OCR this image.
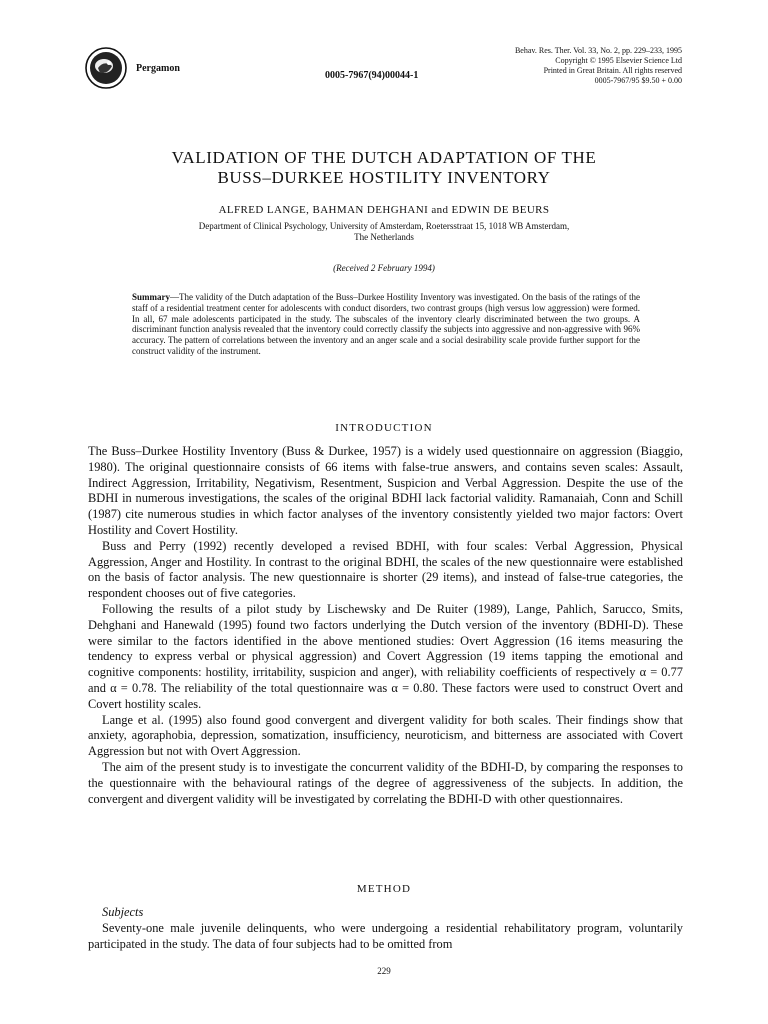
Pergamon
0005-7967(94)00044-1
Behav. Res. Ther. Vol. 33, No. 2, pp. 229–233, 1995
Copyright © 1995 Elsevier Science Ltd
Printed in Great Britain. All rights reserved
0005-7967/95 $9.50 + 0.00
VALIDATION OF THE DUTCH ADAPTATION OF THE
BUSS–DURKEE HOSTILITY INVENTORY
ALFRED LANGE, BAHMAN DEHGHANI and EDWIN DE BEURS
Department of Clinical Psychology, University of Amsterdam, Roetersstraat 15, 1018 WB Amsterdam,
The Netherlands
(Received 2 February 1994)
Summary—The validity of the Dutch adaptation of the Buss–Durkee Hostility Inventory was investigated. On the basis of the ratings of the staff of a residential treatment center for adolescents with conduct disorders, two contrast groups (high versus low aggression) were formed. In all, 67 male adolescents participated in the study. The subscales of the inventory clearly discriminated between the two groups. A discriminant function analysis revealed that the inventory could correctly classify the subjects into aggressive and non-aggressive with 96% accuracy. The pattern of correlations between the inventory and an anger scale and a social desirability scale provide further support for the construct validity of the instrument.
INTRODUCTION

The Buss–Durkee Hostility Inventory (Buss & Durkee, 1957) is a widely used questionnaire on aggression (Biaggio, 1980). The original questionnaire consists of 66 items with false-true answers, and contains seven scales: Assault, Indirect Aggression, Irritability, Negativism, Resentment, Suspicion and Verbal Aggression. Despite the use of the BDHI in numerous investigations, the scales of the original BDHI lack factorial validity. Ramanaiah, Conn and Schill (1987) cite numerous studies in which factor analyses of the inventory consistently yielded two major factors: Overt Hostility and Covert Hostility.

Buss and Perry (1992) recently developed a revised BDHI, with four scales: Verbal Aggression, Physical Aggression, Anger and Hostility. In contrast to the original BDHI, the scales of the new questionnaire were established on the basis of factor analysis. The new questionnaire is shorter (29 items), and instead of false-true categories, the respondent chooses out of five categories.

Following the results of a pilot study by Lischewsky and De Ruiter (1989), Lange, Pahlich, Sarucco, Smits, Dehghani and Hanewald (1995) found two factors underlying the Dutch version of the inventory (BDHI-D). These were similar to the factors identified in the above mentioned studies: Overt Aggression (16 items measuring the tendency to express verbal or physical aggression) and Covert Aggression (19 items tapping the emotional and cognitive components: hostility, irritability, suspicion and anger), with reliability coefficients of respectively α = 0.77 and α = 0.78. The reliability of the total questionnaire was α = 0.80. These factors were used to construct Overt and Covert hostility scales.

Lange et al. (1995) also found good convergent and divergent validity for both scales. Their findings show that anxiety, agoraphobia, depression, somatization, insufficiency, neuroticism, and bitterness are associated with Covert Aggression but not with Overt Aggression.

The aim of the present study is to investigate the concurrent validity of the BDHI-D, by comparing the responses to the questionnaire with the behavioural ratings of the degree of aggressiveness of the subjects. In addition, the convergent and divergent validity will be investigated by correlating the BDHI-D with other questionnaires.

METHOD

Subjects

Seventy-one male juvenile delinquents, who were undergoing a residential rehabilitatory program, voluntarily participated in the study. The data of four subjects had to be omitted from

229
